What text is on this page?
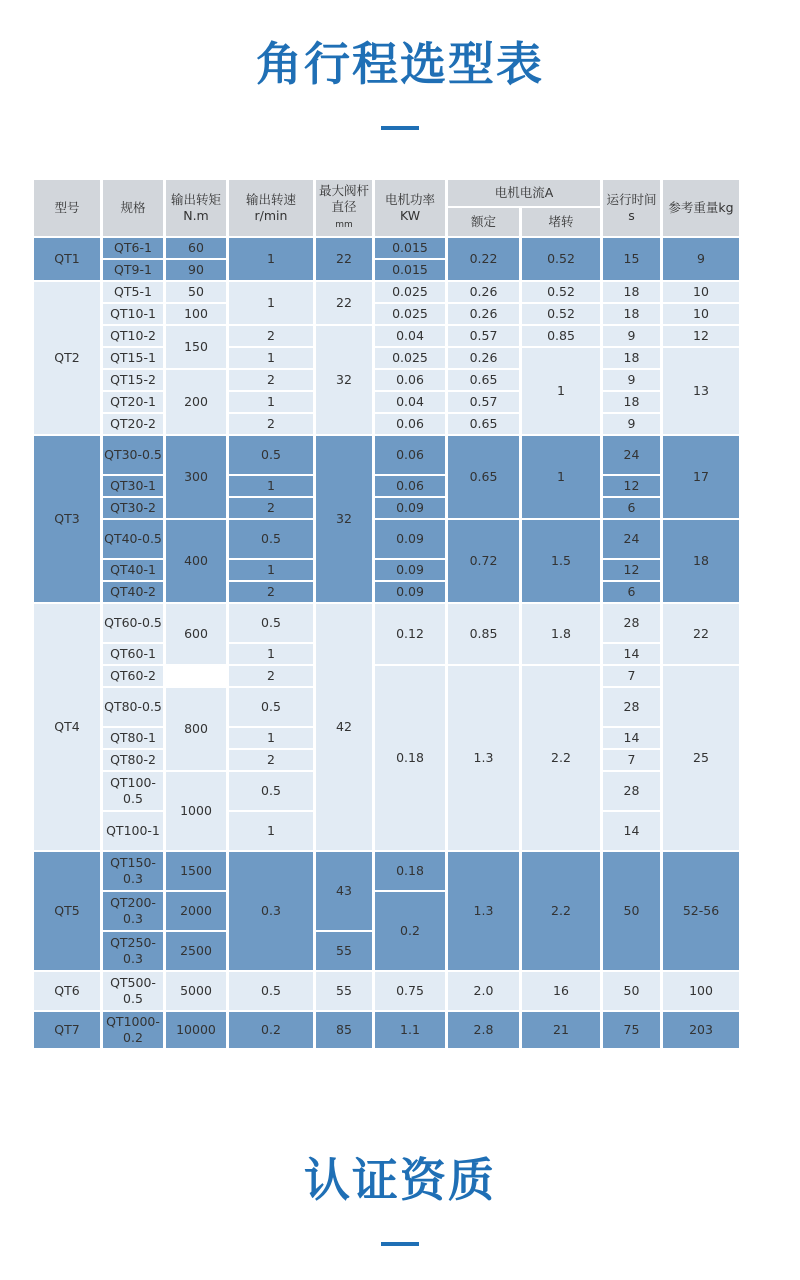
角行程选型表
型号	规格	输出转矩N.m	输出转速r/min	最大阀杆直径
mm	电机功率KW	电机电流A		运行时间s	参考重量kg
						额定	堵转		
QT1	QT6-1	60	1	22	0.015	0.22	0.52	15	9
	QT9-1	90			0.015				
QT2	QT5-1	50	1	22	0.025	0.26	0.52	18	10
	QT10-1	100			0.025	0.26	0.52	18	10
	QT10-2	150	2	32	0.04	0.57	0.85	9	12
	QT15-1		1		0.025	0.26	1	18	13
	QT15-2	200	2		0.06	0.65		9	
	QT20-1		1		0.04	0.57		18	
	QT20-2		2		0.06	0.65		9	
QT3	QT30-0.5	300	0.5	32	0.06	0.65	1	24	17
	QT30-1		1		0.06			12	
	QT30-2		2		0.09			6	
	QT40-0.5	400	0.5		0.09	0.72	1.5	24	18
	QT40-1		1		0.09			12	
	QT40-2		2		0.09			6	
QT4	QT60-0.5	600	0.5	42	0.12	0.85	1.8	28	22
	QT60-1		1					14	
	QT60-2		2		0.18	1.3	2.2	7	25
	QT80-0.5	800	0.5					28	
	QT80-1		1					14	
	QT80-2		2					7	
	QT100-0.5	1000	0.5					28	
	QT100-1		1					14	
QT5	QT150-0.3	1500	0.3	43	0.18	1.3	2.2	50	52-56
	QT200-0.3	2000			0.2				
	QT250-0.3	2500		55					
QT6	QT500-0.5	5000	0.5	55	0.75	2.0	16	50	100
QT7	QT1000-0.2	10000	0.2	85	1.1	2.8	21	75	203
认证资质
